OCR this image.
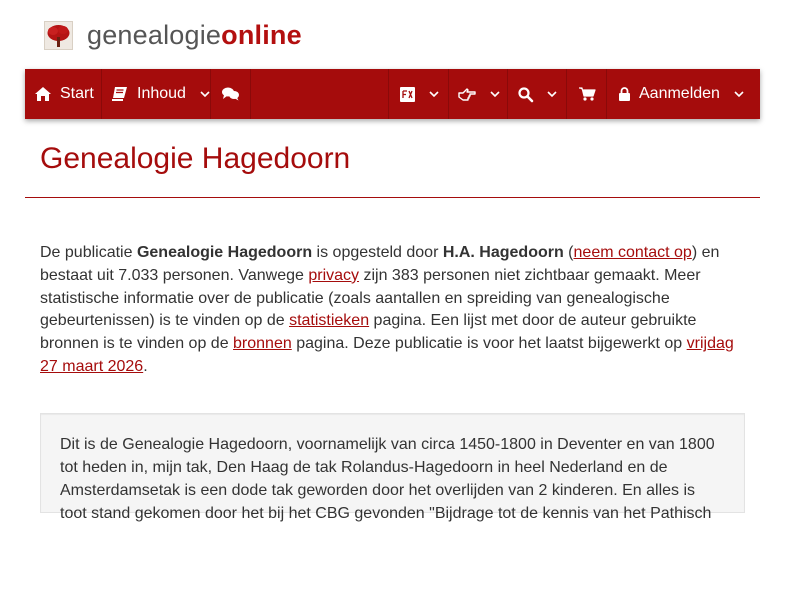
genealogieonline
Start	Inhoud	Aanmelden
Genealogie Hagedoorn

De publicatie Genealogie Hagedoorn is opgesteld door H.A. Hagedoorn (neem contact op) en bestaat uit 7.033 personen. Vanwege privacy zijn 383 personen niet zichtbaar gemaakt. Meer statistische informatie over de publicatie (zoals aantallen en spreiding van genealogische gebeurtenissen) is te vinden op de statistieken pagina. Een lijst met door de auteur gebruikte bronnen is te vinden op de bronnen pagina. Deze publicatie is voor het laatst bijgewerkt op vrijdag 27 maart 2026.

Dit is de Genealogie Hagedoorn, voornamelijk van circa 1450-1800 in Deventer en van 1800 tot heden in, mijn tak, Den Haag de tak Rolandus-Hagedoorn in heel Nederland en de Amsterdamsetak is een dode tak geworden door het overlijden van 2 kinderen. En alles is toot stand gekomen door het bij het CBG gevonden "Bijdrage tot de kennis van het Pathisch
